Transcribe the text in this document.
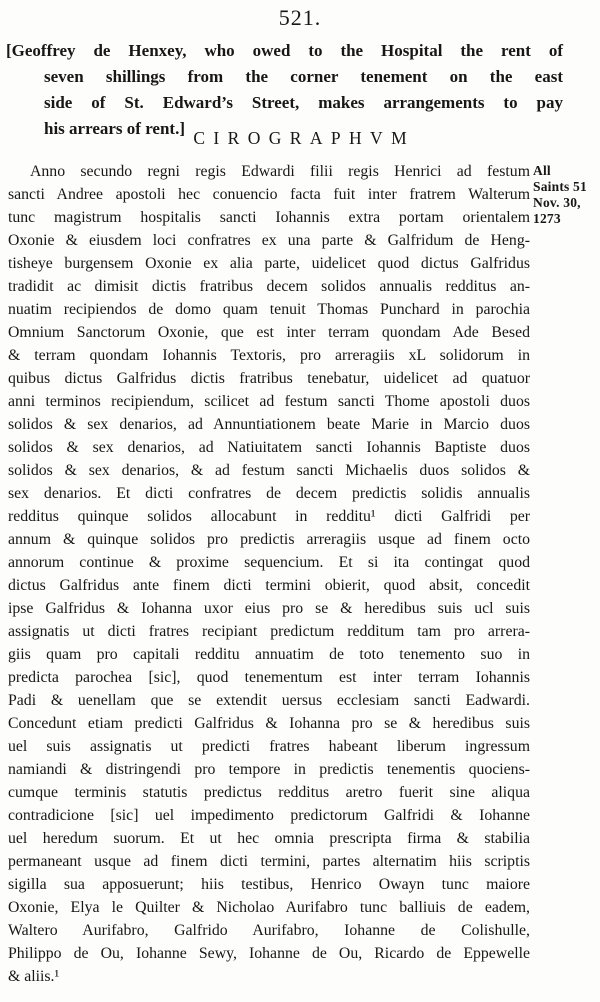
521.
[Geoffrey de Henxey, who owed to the Hospital the rent of
seven shillings from the corner tenement on the east
side of St. Edward’s Street, makes arrangements to pay
his arrears of rent.] CIROGRAPHVM
Anno secundo regni regis Edwardi filii regis Henrici ad festum
sancti Andree apostoli hec conuencio facta fuit inter fratrem Walterum
tunc magistrum hospitalis sancti Iohannis extra portam orientalem
Oxonie & eiusdem loci confratres ex una parte & Galfridum de Heng-
tisheye burgensem Oxonie ex alia parte, uidelicet quod dictus Galfridus
tradidit ac dimisit dictis fratribus decem solidos annualis redditus an-
nuatim recipiendos de domo quam tenuit Thomas Punchard in parochia
Omnium Sanctorum Oxonie, que est inter terram quondam Ade Besed
& terram quondam Iohannis Textoris, pro arreragiis xL solidorum in
quibus dictus Galfridus dictis fratribus tenebatur, uidelicet ad quatuor
anni terminos recipiendum, scilicet ad festum sancti Thome apostoli duos
solidos & sex denarios, ad Annuntiationem beate Marie in Marcio duos
solidos & sex denarios, ad Natiuitatem sancti Iohannis Baptiste duos
solidos & sex denarios, & ad festum sancti Michaelis duos solidos &
sex denarios. Et dicti confratres de decem predictis solidis annualis
redditus quinque solidos allocabunt in redditu¹ dicti Galfridi per
annum & quinque solidos pro predictis arreragiis usque ad finem octo
annorum continue & proxime sequencium. Et si ita contingat quod
dictus Galfridus ante finem dicti termini obierit, quod absit, concedit
ipse Galfridus & Iohanna uxor eius pro se & heredibus suis ucl suis
assignatis ut dicti fratres recipiant predictum redditum tam pro arrera-
giis quam pro capitali redditu annuatim de toto tenemento suo in
predicta parochea [sic], quod tenementum est inter terram Iohannis
Padi & uenellam que se extendit uersus ecclesiam sancti Eadwardi.
Concedunt etiam predicti Galfridus & Iohanna pro se & heredibus suis
uel suis assignatis ut predicti fratres habeant liberum ingressum
namiandi & distringendi pro tempore in predictis tenementis quociens-
cumque terminis statutis predictus redditus aretro fuerit sine aliqua
contradicione [sic] uel impedimento predictorum Galfridi & Iohanne
uel heredum suorum. Et ut hec omnia prescripta firma & stabilia
permaneant usque ad finem dicti termini, partes alternatim hiis scriptis
sigilla sua apposuerunt; hiis testibus, Henrico Owayn tunc maiore
Oxonie, Elya le Quilter & Nicholao Aurifabro tunc balliuis de eadem,
Waltero Aurifabro, Galfrido Aurifabro, Iohanne de Colishulle,
Philippo de Ou, Iohanne Sewy, Iohanne de Ou, Ricardo de Eppewelle
& aliis.¹
All
Saints 51
Nov. 30,
1273
